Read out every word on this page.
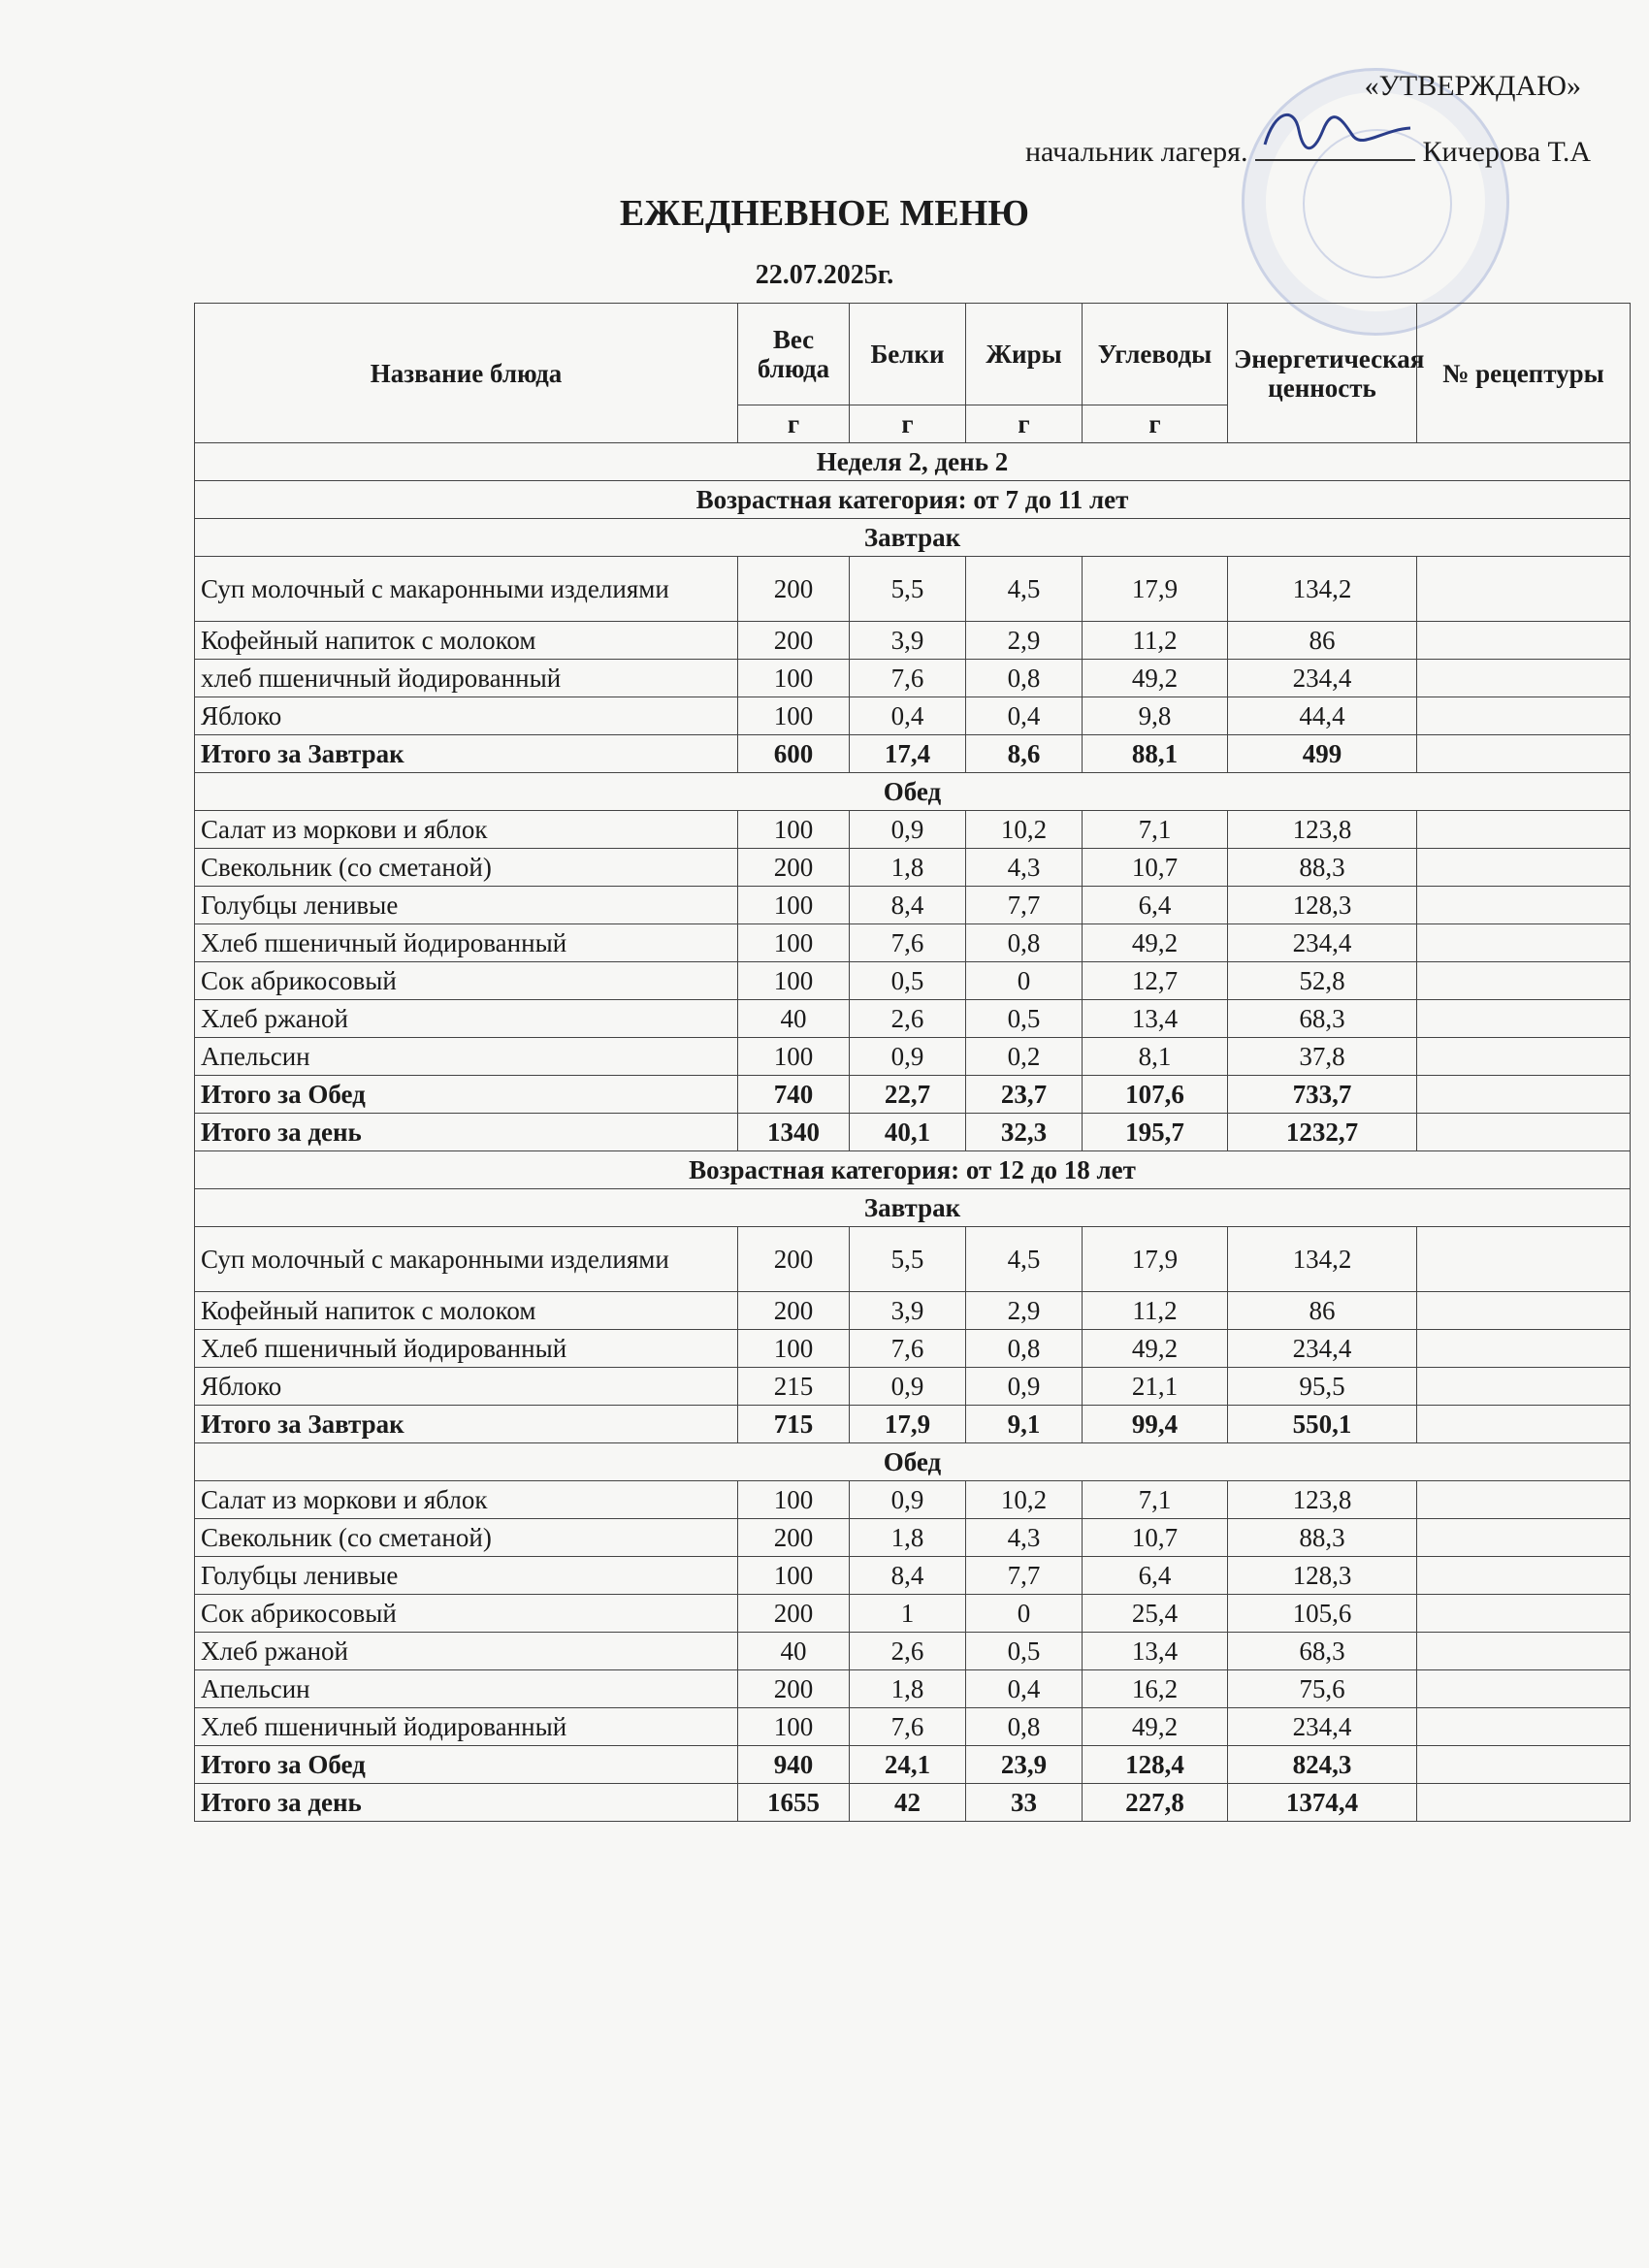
«УТВЕРЖДАЮ»
начальник лагеря.	Кичерова Т.А
ЕЖЕДНЕВНОЕ МЕНЮ
22.07.2025г.
Название блюда	Вес блюда	Белки	Жиры	Углеводы	Энергетическая ценность	№ рецептуры
	г	г	г	г		
Неделя 2, день 2						
Возрастная категория: от 7 до 11 лет						
Завтрак						
Суп молочный с макаронными изделиями	200	5,5	4,5	17,9	134,2	
Кофейный напиток с молоком	200	3,9	2,9	11,2	86	
хлеб пшеничный йодированный	100	7,6	0,8	49,2	234,4	
Яблоко	100	0,4	0,4	9,8	44,4	
Итого за Завтрак	600	17,4	8,6	88,1	499	
Обед						
Салат из моркови и яблок	100	0,9	10,2	7,1	123,8	
Свекольник (со сметаной)	200	1,8	4,3	10,7	88,3	
Голубцы ленивые	100	8,4	7,7	6,4	128,3	
Хлеб пшеничный йодированный	100	7,6	0,8	49,2	234,4	
Сок абрикосовый	100	0,5	0	12,7	52,8	
Хлеб ржаной	40	2,6	0,5	13,4	68,3	
Апельсин	100	0,9	0,2	8,1	37,8	
Итого за Обед	740	22,7	23,7	107,6	733,7	
Итого за день	1340	40,1	32,3	195,7	1232,7	
Возрастная категория: от 12 до 18 лет						
Завтрак						
Суп молочный с макаронными изделиями	200	5,5	4,5	17,9	134,2	
Кофейный напиток с молоком	200	3,9	2,9	11,2	86	
Хлеб пшеничный йодированный	100	7,6	0,8	49,2	234,4	
Яблоко	215	0,9	0,9	21,1	95,5	
Итого за Завтрак	715	17,9	9,1	99,4	550,1	
Обед						
Салат из моркови и яблок	100	0,9	10,2	7,1	123,8	
Свекольник (со сметаной)	200	1,8	4,3	10,7	88,3	
Голубцы ленивые	100	8,4	7,7	6,4	128,3	
Сок абрикосовый	200	1	0	25,4	105,6	
Хлеб ржаной	40	2,6	0,5	13,4	68,3	
Апельсин	200	1,8	0,4	16,2	75,6	
Хлеб пшеничный йодированный	100	7,6	0,8	49,2	234,4	
Итого за Обед	940	24,1	23,9	128,4	824,3	
Итого за день	1655	42	33	227,8	1374,4	
